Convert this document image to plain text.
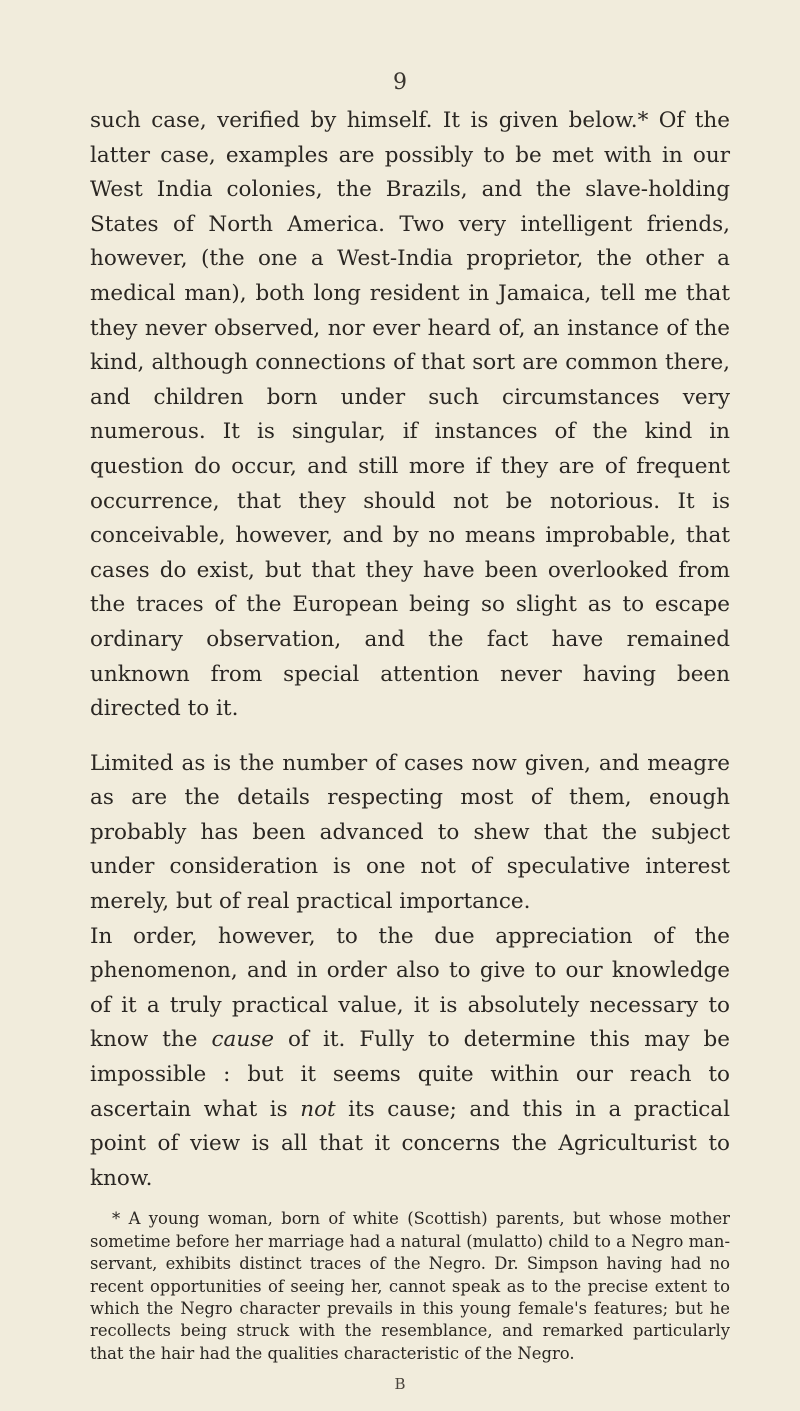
9

such case, verified by himself. It is given below.* Of the latter case, examples are possibly to be met with in our West India colonies, the Brazils, and the slave-holding States of North America. Two very intelligent friends, however, (the one a West-India proprietor, the other a medical man), both long resident in Jamaica, tell me that they never observed, nor ever heard of, an instance of the kind, although connections of that sort are common there, and children born under such circumstances very numerous. It is singular, if instances of the kind in question do occur, and still more if they are of frequent occurrence, that they should not be notorious. It is conceivable, however, and by no means improbable, that cases do exist, but that they have been overlooked from the traces of the European being so slight as to escape ordinary observation, and the fact have remained unknown from special attention never having been directed to it.

Limited as is the number of cases now given, and meagre as are the details respecting most of them, enough probably has been advanced to shew that the subject under consideration is one not of speculative interest merely, but of real practical importance.

In order, however, to the due appreciation of the phenomenon, and in order also to give to our knowledge of it a truly practical value, it is absolutely necessary to know the cause of it. Fully to determine this may be impossible : but it seems quite within our reach to ascertain what is not its cause; and this in a practical point of view is all that it concerns the Agriculturist to know.

* A young woman, born of white (Scottish) parents, but whose mother sometime before her marriage had a natural (mulatto) child to a Negro man-servant, exhibits distinct traces of the Negro. Dr. Simpson having had no recent opportunities of seeing her, cannot speak as to the precise extent to which the Negro character prevails in this young female's features; but he recollects being struck with the resemblance, and remarked particularly that the hair had the qualities characteristic of the Negro.
B
